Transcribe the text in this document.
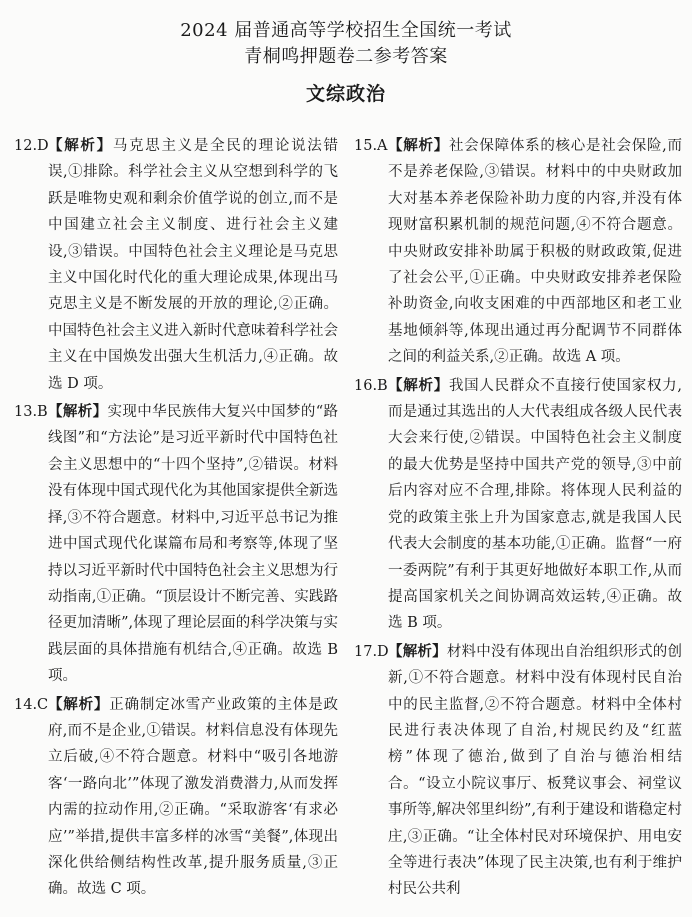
2024 届普通高等学校招生全国统一考试
青桐鸣押题卷二参考答案
文综政治
12.D 【解析】马克思主义是全民的理论说法错误,①排除。科学社会主义从空想到科学的飞跃是唯物史观和剩余价值学说的创立,而不是中国建立社会主义制度、进行社会主义建设,③错误。中国特色社会主义理论是马克思主义中国化时代化的重大理论成果,体现出马克思主义是不断发展的开放的理论,②正确。中国特色社会主义进入新时代意味着科学社会主义在中国焕发出强大生机活力,④正确。故选 D 项。
13.B 【解析】实现中华民族伟大复兴中国梦的“路线图”和“方法论”是习近平新时代中国特色社会主义思想中的“十四个坚持”,②错误。材料没有体现中国式现代化为其他国家提供全新选择,③不符合题意。材料中,习近平总书记为推进中国式现代化谋篇布局和考察等,体现了坚持以习近平新时代中国特色社会主义思想为行动指南,①正确。“顶层设计不断完善、实践路径更加清晰”,体现了理论层面的科学决策与实践层面的具体措施有机结合,④正确。故选 B 项。
14.C 【解析】正确制定冰雪产业政策的主体是政府,而不是企业,①错误。材料信息没有体现先立后破,④不符合题意。材料中“吸引各地游客‘一路向北’”体现了激发消费潜力,从而发挥内需的拉动作用,②正确。“采取游客‘有求必应’”举措,提供丰富多样的冰雪“美餐”,体现出深化供给侧结构性改革,提升服务质量,③正确。故选 C 项。
15.A 【解析】社会保障体系的核心是社会保险,而不是养老保险,③错误。材料中的中央财政加大对基本养老保险补助力度的内容,并没有体现财富积累机制的规范问题,④不符合题意。中央财政安排补助属于积极的财政政策,促进了社会公平,①正确。中央财政安排养老保险补助资金,向收支困难的中西部地区和老工业基地倾斜等,体现出通过再分配调节不同群体之间的利益关系,②正确。故选 A 项。
16.B 【解析】我国人民群众不直接行使国家权力,而是通过其选出的人大代表组成各级人民代表大会来行使,②错误。中国特色社会主义制度的最大优势是坚持中国共产党的领导,③中前后内容对应不合理,排除。将体现人民利益的党的政策主张上升为国家意志,就是我国人民代表大会制度的基本功能,①正确。监督“一府一委两院”有利于其更好地做好本职工作,从而提高国家机关之间协调高效运转,④正确。故选 B 项。
17.D 【解析】材料中没有体现出自治组织形式的创新,①不符合题意。材料中没有体现村民自治中的民主监督,②不符合题意。材料中全体村民进行表决体现了自治,村规民约及“红蓝榜”体现了德治,做到了自治与德治相结合。“设立小院议事厅、板凳议事会、祠堂议事所等,解决邻里纠纷”,有利于建设和谐稳定村庄,③正确。“让全体村民对环境保护、用电安全等进行表决”体现了民主决策,也有利于维护村民公共利
